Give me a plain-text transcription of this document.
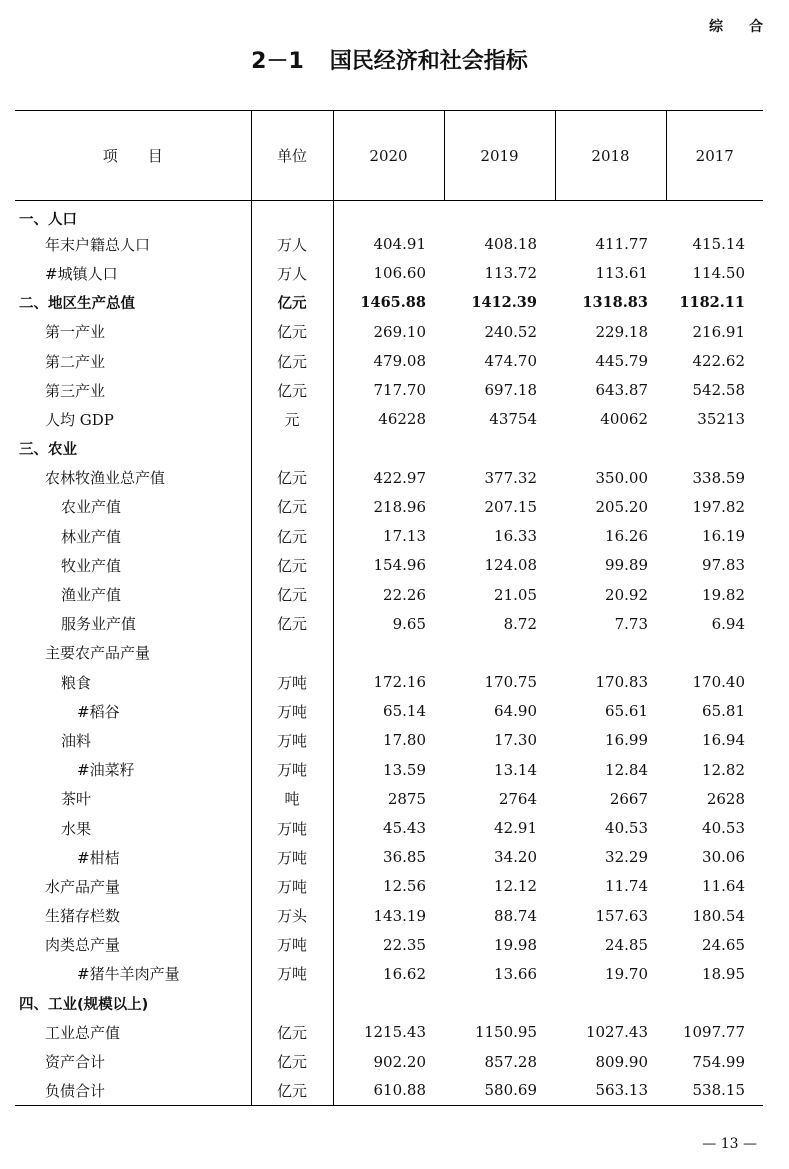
综合
2－1 国民经济和社会指标
项　　目	单位	2020	2019	2018	2017
一、人口					
年末户籍总人口	万人	404.91	408.18	411.77	415.14
#城镇人口	万人	106.60	113.72	113.61	114.50
二、地区生产总值	亿元	1465.88	1412.39	1318.83	1182.11
第一产业	亿元	269.10	240.52	229.18	216.91
第二产业	亿元	479.08	474.70	445.79	422.62
第三产业	亿元	717.70	697.18	643.87	542.58
人均 GDP	元	46228	43754	40062	35213
三、农业					
农林牧渔业总产值	亿元	422.97	377.32	350.00	338.59
农业产值	亿元	218.96	207.15	205.20	197.82
林业产值	亿元	17.13	16.33	16.26	16.19
牧业产值	亿元	154.96	124.08	99.89	97.83
渔业产值	亿元	22.26	21.05	20.92	19.82
服务业产值	亿元	9.65	8.72	7.73	6.94
主要农产品产量					
粮食	万吨	172.16	170.75	170.83	170.40
#稻谷	万吨	65.14	64.90	65.61	65.81
油料	万吨	17.80	17.30	16.99	16.94
#油菜籽	万吨	13.59	13.14	12.84	12.82
茶叶	吨	2875	2764	2667	2628
水果	万吨	45.43	42.91	40.53	40.53
#柑桔	万吨	36.85	34.20	32.29	30.06
水产品产量	万吨	12.56	12.12	11.74	11.64
生猪存栏数	万头	143.19	88.74	157.63	180.54
肉类总产量	万吨	22.35	19.98	24.85	24.65
#猪牛羊肉产量	万吨	16.62	13.66	19.70	18.95
四、工业(规模以上)					
工业总产值	亿元	1215.43	1150.95	1027.43	1097.77
资产合计	亿元	902.20	857.28	809.90	754.99
负债合计	亿元	610.88	580.69	563.13	538.15
— 13 —
